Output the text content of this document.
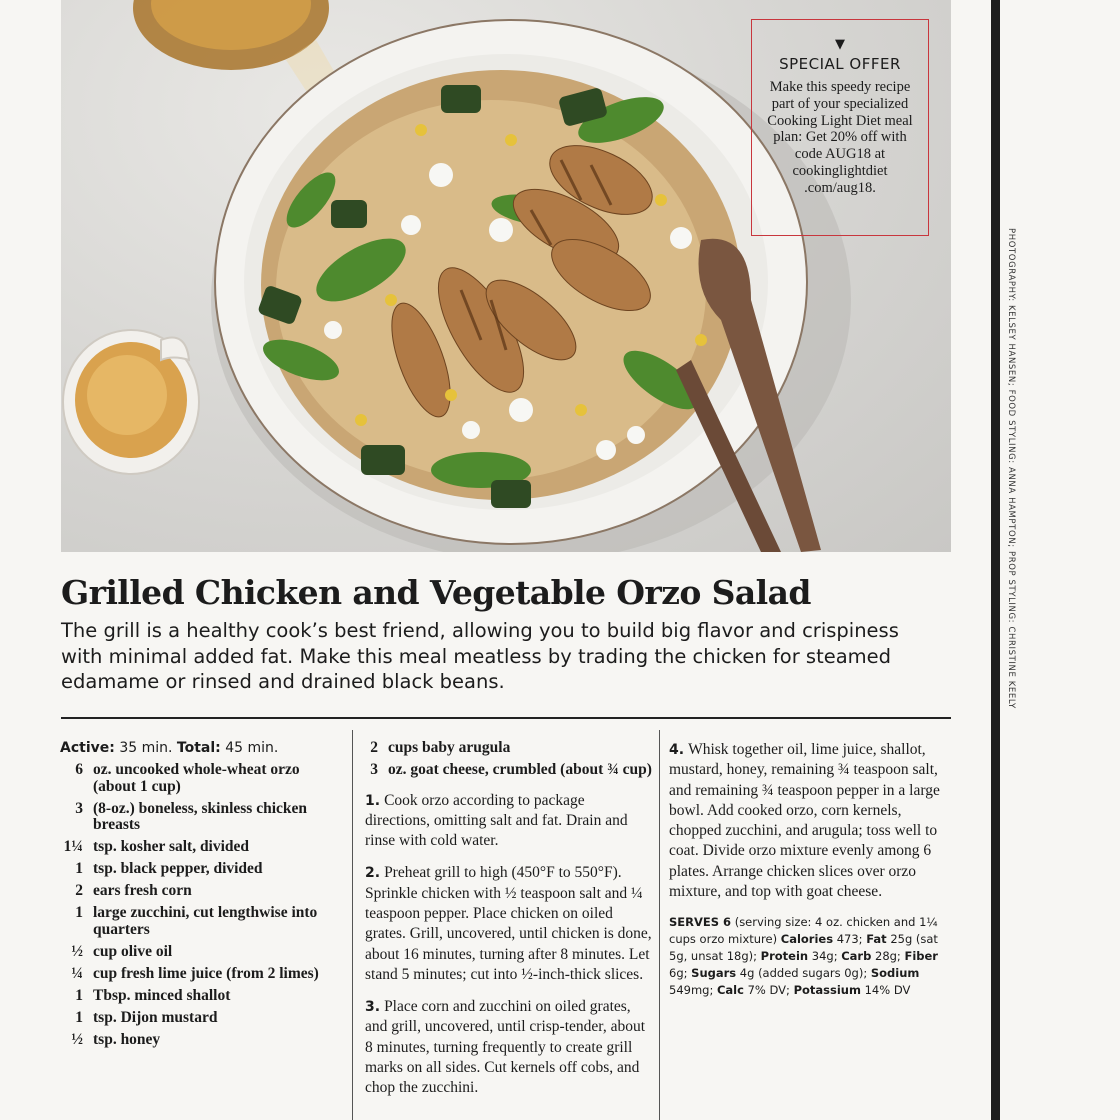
▼
SPECIAL OFFER
Make this speedy recipe part of your specialized Cooking Light Diet meal plan: Get 20% off with code AUG18 at cookinglightdiet .com/aug18.
PHOTOGRAPHY: KELSEY HANSEN; FOOD STYLING: ANNA HAMPTON; PROP STYLING: CHRISTINE KEELY
Grilled Chicken and Vegetable Orzo Salad
The grill is a healthy cook’s best friend, allowing you to build big flavor and crispiness with minimal added fat. Make this meal meatless by trading the chicken for steamed edamame or rinsed and drained black beans.
Active: 35 min. Total: 45 min.
6 oz. uncooked whole-wheat orzo (about 1 cup)
3 (8-oz.) boneless, skinless chicken breasts
1¼ tsp. kosher salt, divided
1 tsp. black pepper, divided
2 ears fresh corn
1 large zucchini, cut lengthwise into quarters
½ cup olive oil
¼ cup fresh lime juice (from 2 limes)
1 Tbsp. minced shallot
1 tsp. Dijon mustard
½ tsp. honey
2 cups baby arugula
3 oz. goat cheese, crumbled (about ¾ cup)

1. Cook orzo according to package directions, omitting salt and fat. Drain and rinse with cold water.

2. Preheat grill to high (450°F to 550°F). Sprinkle chicken with ½ teaspoon salt and ¼ teaspoon pepper. Place chicken on oiled grates. Grill, uncovered, until chicken is done, about 16 minutes, turning after 8 minutes. Let stand 5 minutes; cut into ½-inch-thick slices.

3. Place corn and zucchini on oiled grates, and grill, uncovered, until crisp-tender, about 8 minutes, turning frequently to create grill marks on all sides. Cut kernels off cobs, and chop the zucchini.

4. Whisk together oil, lime juice, shallot, mustard, honey, remaining ¾ teaspoon salt, and remaining ¾ teaspoon pepper in a large bowl. Add cooked orzo, corn kernels, chopped zucchini, and arugula; toss well to coat. Divide orzo mixture evenly among 6 plates. Arrange chicken slices over orzo mixture, and top with goat cheese.

SERVES 6 (serving size: 4 oz. chicken and 1¼ cups orzo mixture) Calories 473; Fat 25g (sat 5g, unsat 18g); Protein 34g; Carb 28g; Fiber 6g; Sugars 4g (added sugars 0g); Sodium 549mg; Calc 7% DV; Potassium 14% DV
